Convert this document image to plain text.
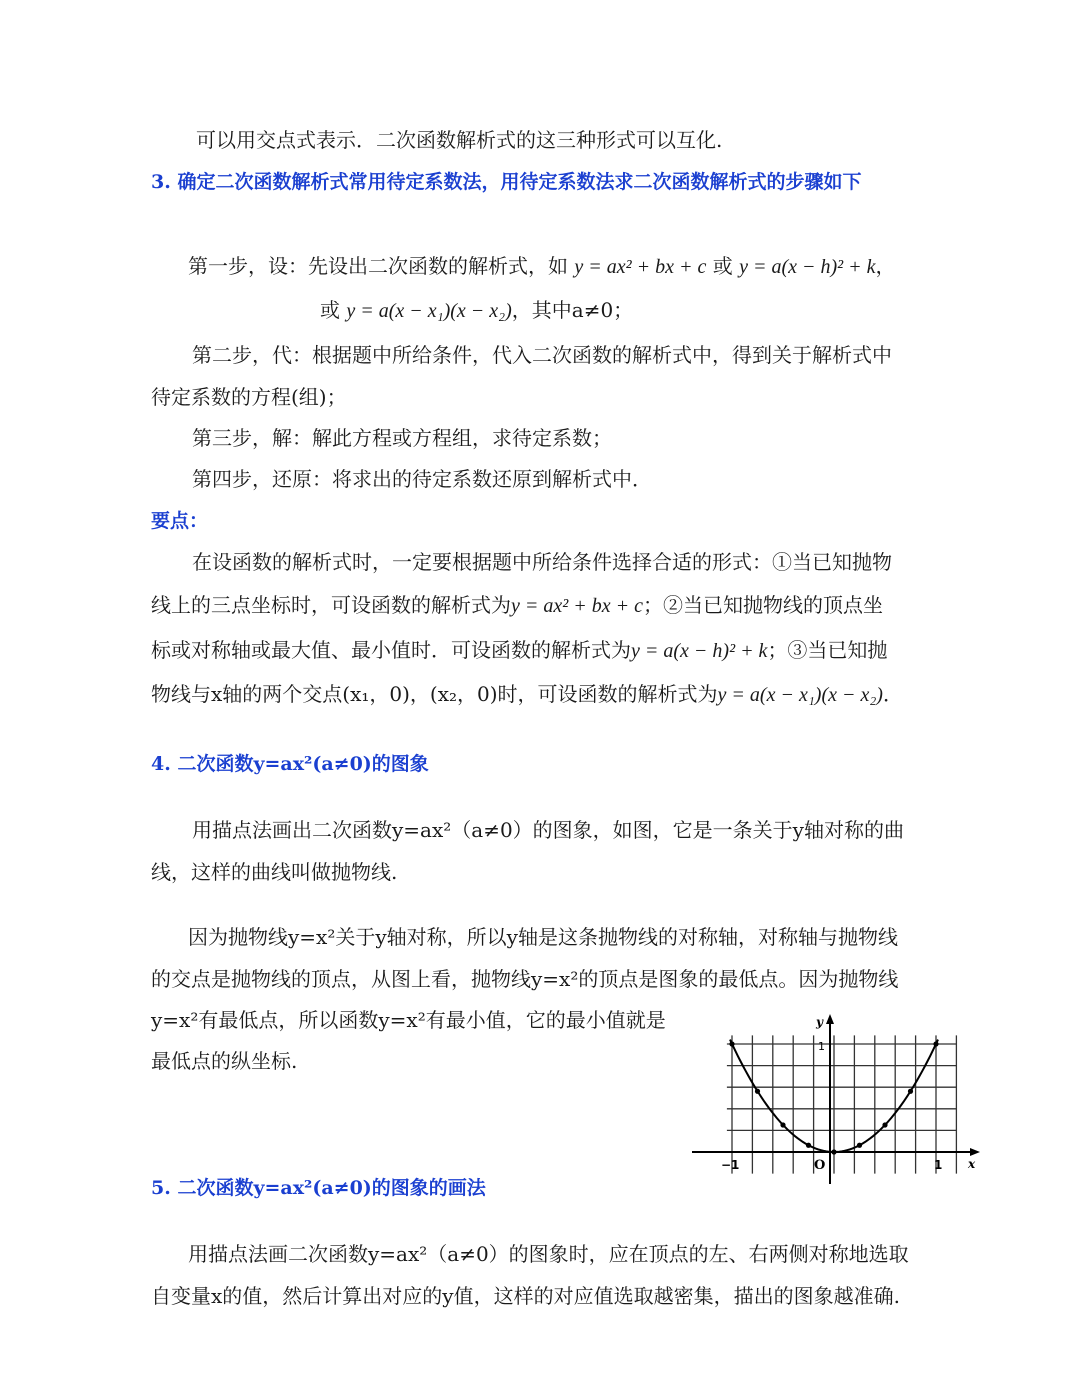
可以用交点式表示．二次函数解析式的这三种形式可以互化.
3. 确定二次函数解析式常用待定系数法，用待定系数法求二次函数解析式的步骤如下
第一步，设：先设出二次函数的解析式，如 y = ax² + bx + c 或 y = a(x − h)² + k，
或 y = a(x − x₁)(x − x₂)，其中a≠0；
第二步，代：根据题中所给条件，代入二次函数的解析式中，得到关于解析式中
待定系数的方程(组)；
第三步，解：解此方程或方程组，求待定系数；
第四步，还原：将求出的待定系数还原到解析式中．
要点：
在设函数的解析式时，一定要根据题中所给条件选择合适的形式：①当已知抛物
线上的三点坐标时，可设函数的解析式为y = ax² + bx + c；②当已知抛物线的顶点坐
标或对称轴或最大值、最小值时．可设函数的解析式为y = a(x − h)² + k；③当已知抛
物线与x轴的两个交点(x₁，0)，(x₂，0)时，可设函数的解析式为y = a(x − x₁)(x − x₂)．
4. 二次函数y=ax²(a≠0)的图象
用描点法画出二次函数y=ax²（a≠0）的图象，如图，它是一条关于y轴对称的曲
线，这样的曲线叫做抛物线.
因为抛物线y=x²关于y轴对称，所以y轴是这条抛物线的对称轴，对称轴与抛物线
的交点是抛物线的顶点，从图上看，抛物线y=x²的顶点是图象的最低点。因为抛物线
y=x²有最低点，所以函数y=x²有最小值，它的最小值就是
最低点的纵坐标.
y
x
−1	1
O
1
5. 二次函数y=ax²(a≠0)的图象的画法
用描点法画二次函数y=ax²（a≠0）的图象时，应在顶点的左、右两侧对称地选取
自变量x的值，然后计算出对应的y值，这样的对应值选取越密集，描出的图象越准确.
